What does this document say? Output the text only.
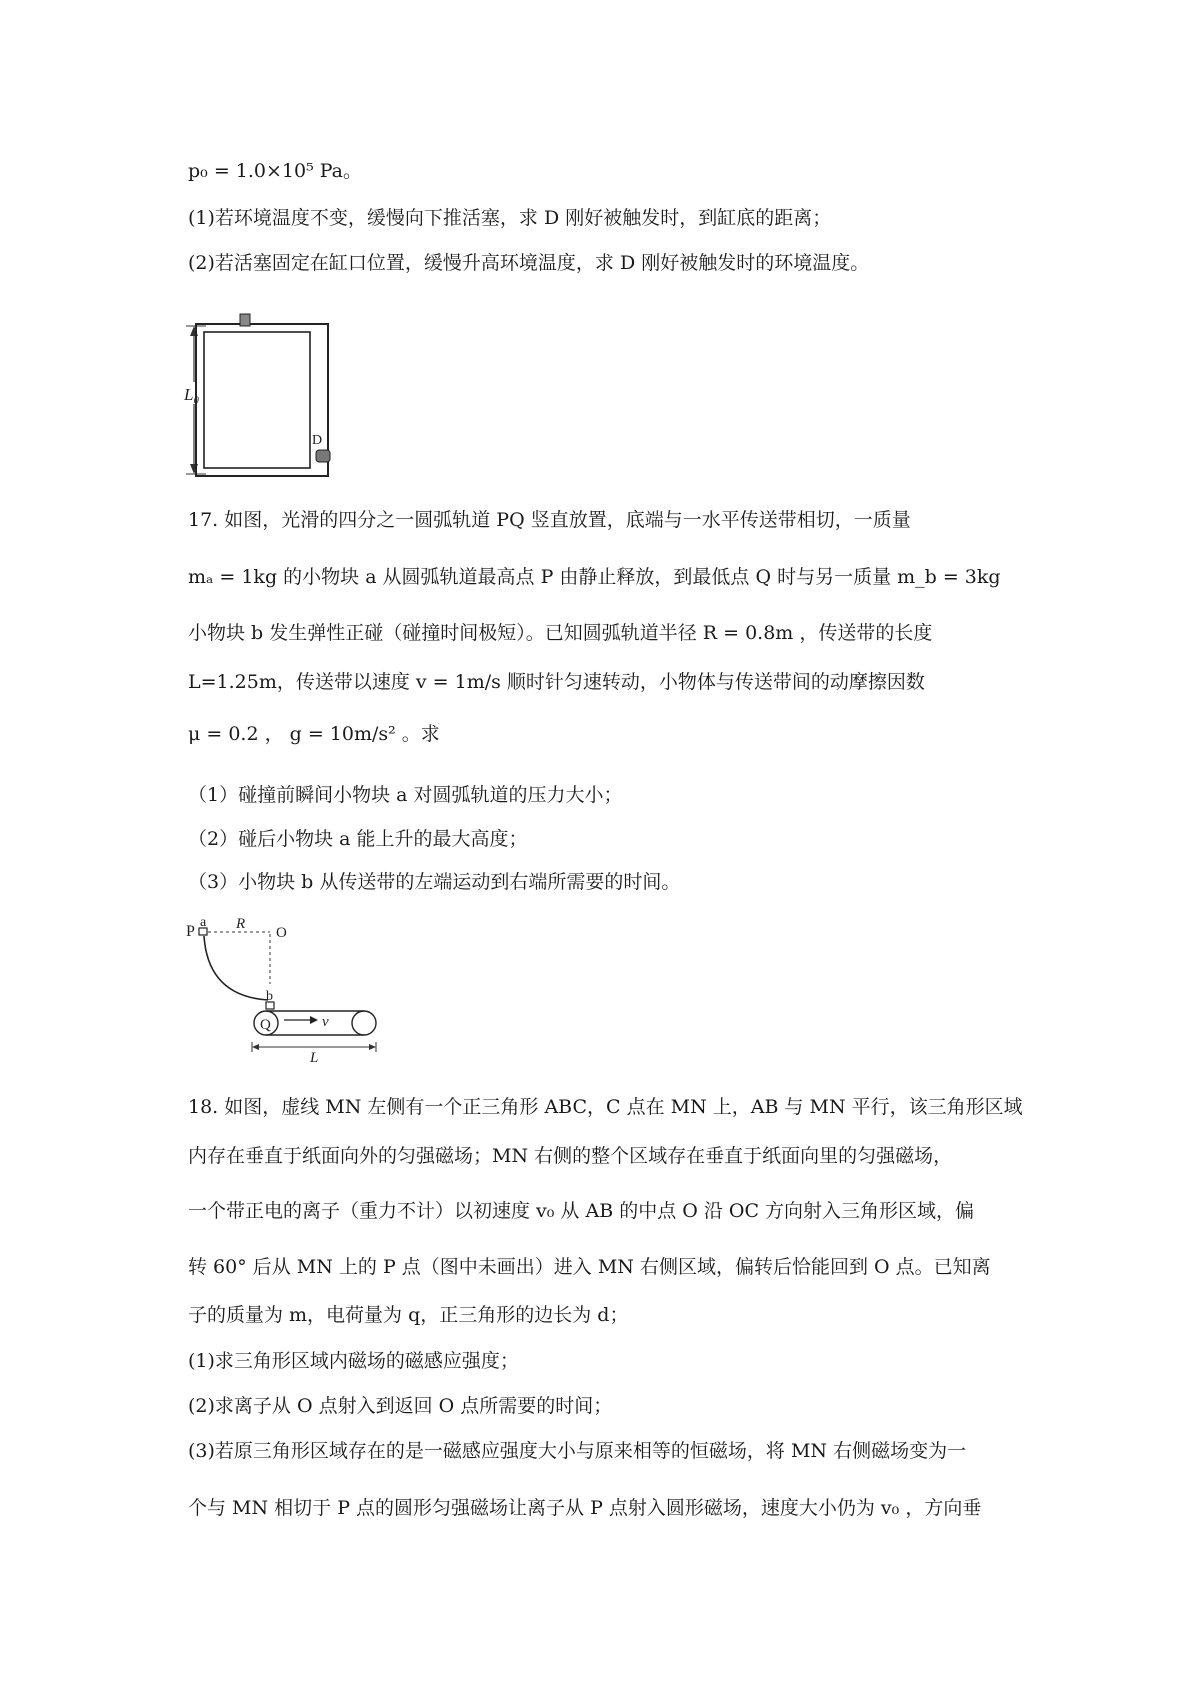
p₀ = 1.0×10⁵ Pa。
(1)若环境温度不变，缓慢向下推活塞，求 D 刚好被触发时，到缸底的距离；
(2)若活塞固定在缸口位置，缓慢升高环境温度，求 D 刚好被触发时的环境温度。
L₀
D
17. 如图，光滑的四分之一圆弧轨道 PQ 竖直放置，底端与一水平传送带相切，一质量
mₐ = 1kg 的小物块 a 从圆弧轨道最高点 P 由静止释放，到最低点 Q 时与另一质量 m_b = 3kg
小物块 b 发生弹性正碰（碰撞时间极短）。已知圆弧轨道半径 R = 0.8m ，传送带的长度
L=1.25m，传送带以速度 v = 1m/s 顺时针匀速转动，小物体与传送带间的动摩擦因数
μ = 0.2 ， g = 10m/s² 。求
（1）碰撞前瞬间小物块 a 对圆弧轨道的压力大小；
（2）碰后小物块 a 能上升的最大高度；
（3）小物块 b 从传送带的左端运动到右端所需要的时间。
P
a R
O
b
Q	v
L
18. 如图，虚线 MN 左侧有一个正三角形 ABC，C 点在 MN 上，AB 与 MN 平行，该三角形区域
内存在垂直于纸面向外的匀强磁场；MN 右侧的整个区域存在垂直于纸面向里的匀强磁场，
一个带正电的离子（重力不计）以初速度 v₀ 从 AB 的中点 O 沿 OC 方向射入三角形区域，偏
转 60° 后从 MN 上的 P 点（图中未画出）进入 MN 右侧区域，偏转后恰能回到 O 点。已知离
子的质量为 m，电荷量为 q，正三角形的边长为 d；
(1)求三角形区域内磁场的磁感应强度；
(2)求离子从 O 点射入到返回 O 点所需要的时间；
(3)若原三角形区域存在的是一磁感应强度大小与原来相等的恒磁场，将 MN 右侧磁场变为一
个与 MN 相切于 P 点的圆形匀强磁场让离子从 P 点射入圆形磁场，速度大小仍为 v₀ ，方向垂
